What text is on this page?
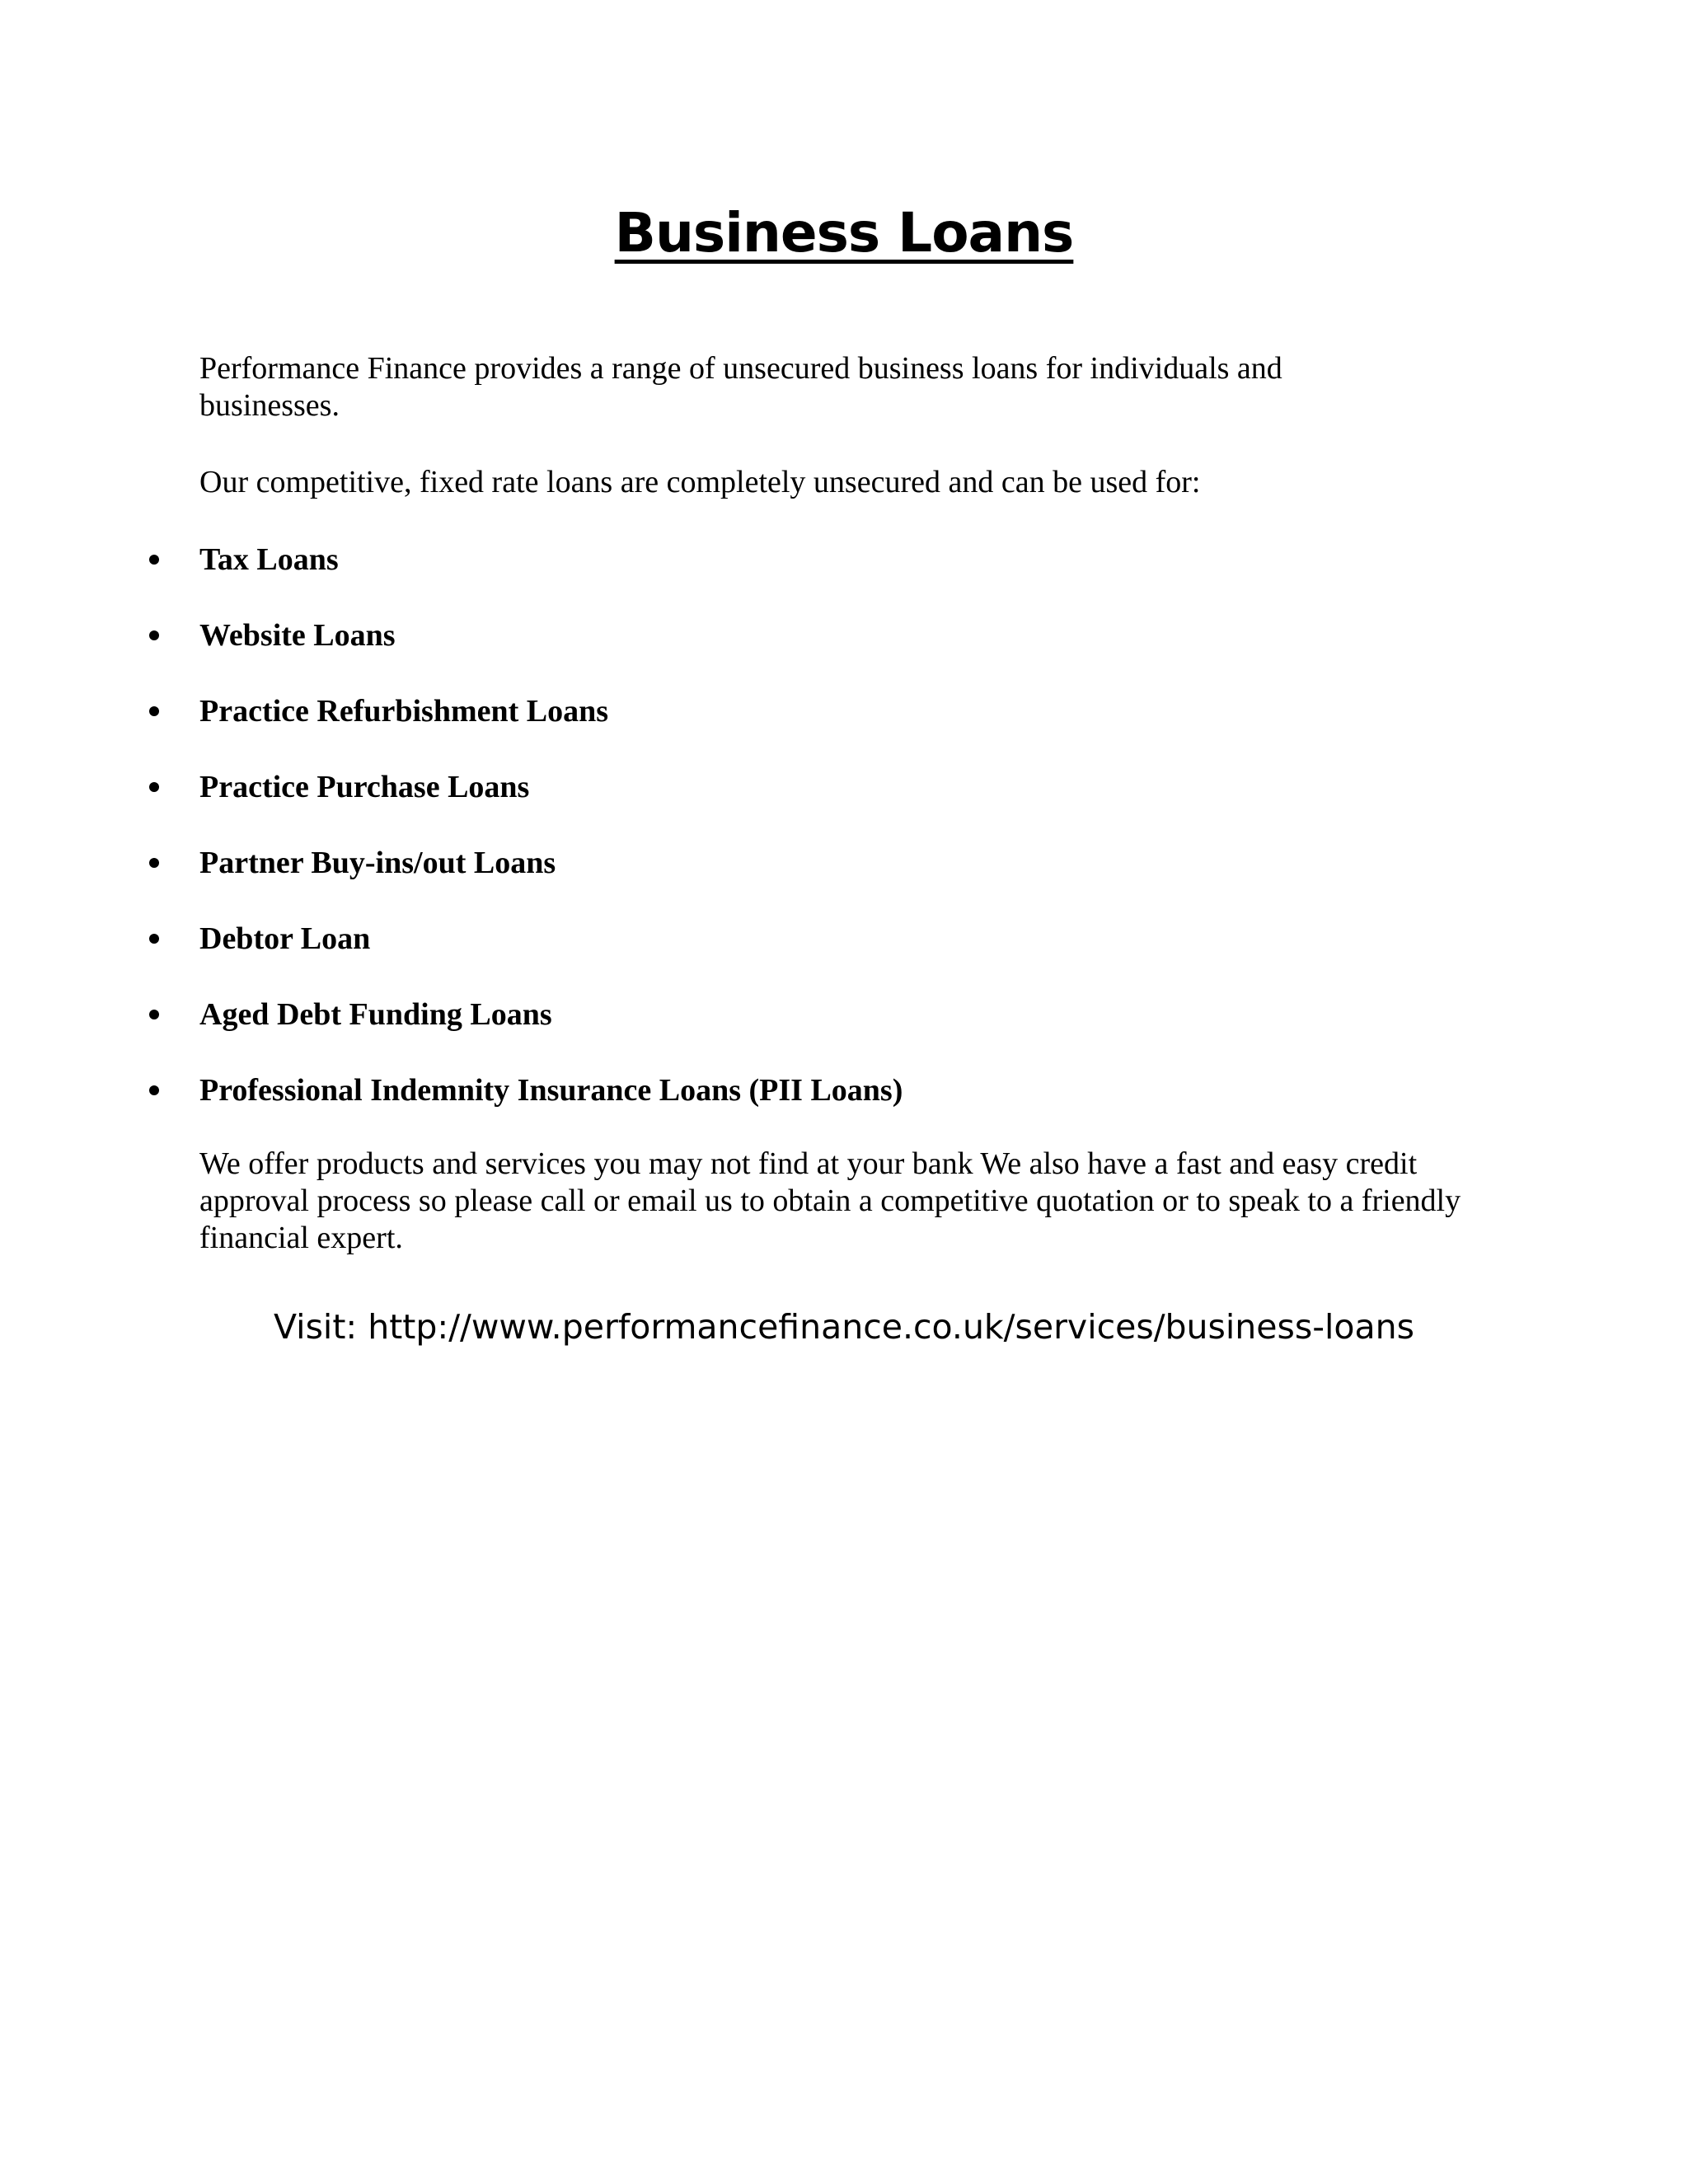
Business Loans

Performance Finance provides a range of unsecured business loans for individuals and businesses.

Our competitive, fixed rate loans are completely unsecured and can be used for:

Tax Loans
Website Loans
Practice Refurbishment Loans
Practice Purchase Loans
Partner Buy-ins/out Loans
Debtor Loan
Aged Debt Funding Loans
Professional Indemnity Insurance Loans (PII Loans)

We offer products and services you may not find at your bank We also have a fast and easy credit approval process so please call or email us to obtain a competitive quotation or to speak to a friendly financial expert.

Visit: http://www.performancefinance.co.uk/services/business-loans
